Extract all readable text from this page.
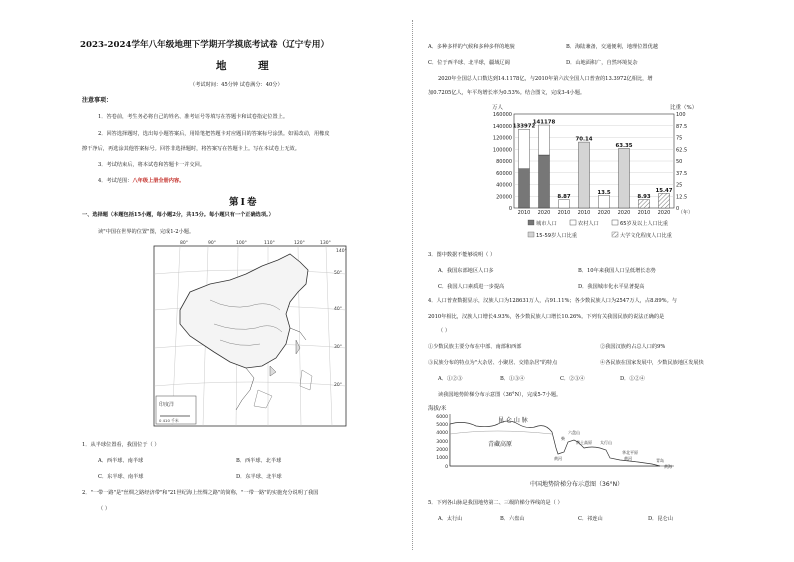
2023-2024学年八年级地理下学期开学摸底考试卷（辽宁专用）
地 理
（考试时间：45分钟 试卷满分：40分）
注意事项：
1．答卷前，考生务必将自己的姓名、准考证号等填写在答题卡和试卷指定位置上。
2．回答选择题时，选出每小题答案后，用铅笔把答题卡对应题目的答案标号涂黑。如需改动，用橡皮
擦干净后，再选涂其他答案标号。回答非选择题时，将答案写在答题卡上。写在本试卷上无效。
3．考试结束后，将本试卷和答题卡一并交回。
4．考试范围：八年级上册全册内容。
第Ⅰ卷
一、选择题（本题包括15小题，每小题2分，共15分。每小题只有一个正确选项。）
读"中国在世界的位置"图，完成1-2小题。
80°	90°	100°	110°	120°	130°
140°
50°
40°
30°
20°
印度洋
0 410 千米
1．从半球位置看，我国位于（ ）
A．西半球、南半球	B．西半球、北半球
C．东半球、南半球	D．东半球、北半球
2．"一带一路"是"丝绸之路经济带"和"21世纪海上丝绸之路"的简称，"一带一路"的实施充分说明了我国
（ ）
A．多种多样的气候和多种多样的地貌	B．海陆兼备，交通便利，地理位置优越
C．位于西半球、北半球，疆域辽阔	D．山地面积广，自然环境复杂
2020年全国总人口数达到14.1178亿，与2010年第六次全国人口普查的13.3972亿相比，增
加0.7205亿人，年平均增长率为0.53%。结合图文，完成3-4小题。
万人	比重（%）
160000	100
140000	87.5
120000	75
100000	62.5
80000	50
60000	37.5
40000	25
20000	12.5
0	0
133972
2010
141178
2020
8.87
2010
70.14
2010
13.5
2020
63.35
2020
8.93
2010
15.47
2020 （年）
城市人口	农村人口	65岁及以上人口比重
15-59岁人口比重	大学文化程度人口比重
3．图中数据不能够说明（ ）
A．我国东部地区人口多	B．10年来我国人口呈低增长态势
C．我国人口素质进一步提高	D．我国城市化水平显著提高
4．人口普查数据显示，汉族人口为128631万人，占91.11%；各少数民族人口为2547万人，占8.89%。与
2010年相比，汉族人口增长4.93%，各少数民族人口增长10.26%。下列有关我国民族的说法正确的是
（ ）
①少数民族主要分布在中部、南部和西部	②我国汉族约占总人口的9%
③民族分布的特点为"大杂居、小聚居、交错杂居"的特点	④各民族在国家发展中，少数民族地区发展快
A．①②③	B．①③④	C．②③④	D．①②④
读我国地势阶梯分布示意图（36°N），完成5-7小题。
海拔/米
6000
5000
4000
3000
2000
1000
0
昆 仑 山 脉
青藏高原
黄河
柴
六盘山
黄土高原 太行山
华北平原
黄河	青岛
黄海
中国地势阶梯分布示意图（36°N）
5．下列各山脉是我国地势第二、三级阶梯分界线的是（ ）
A．太行山	B．六盘山	C．祁连山	D．昆仑山
